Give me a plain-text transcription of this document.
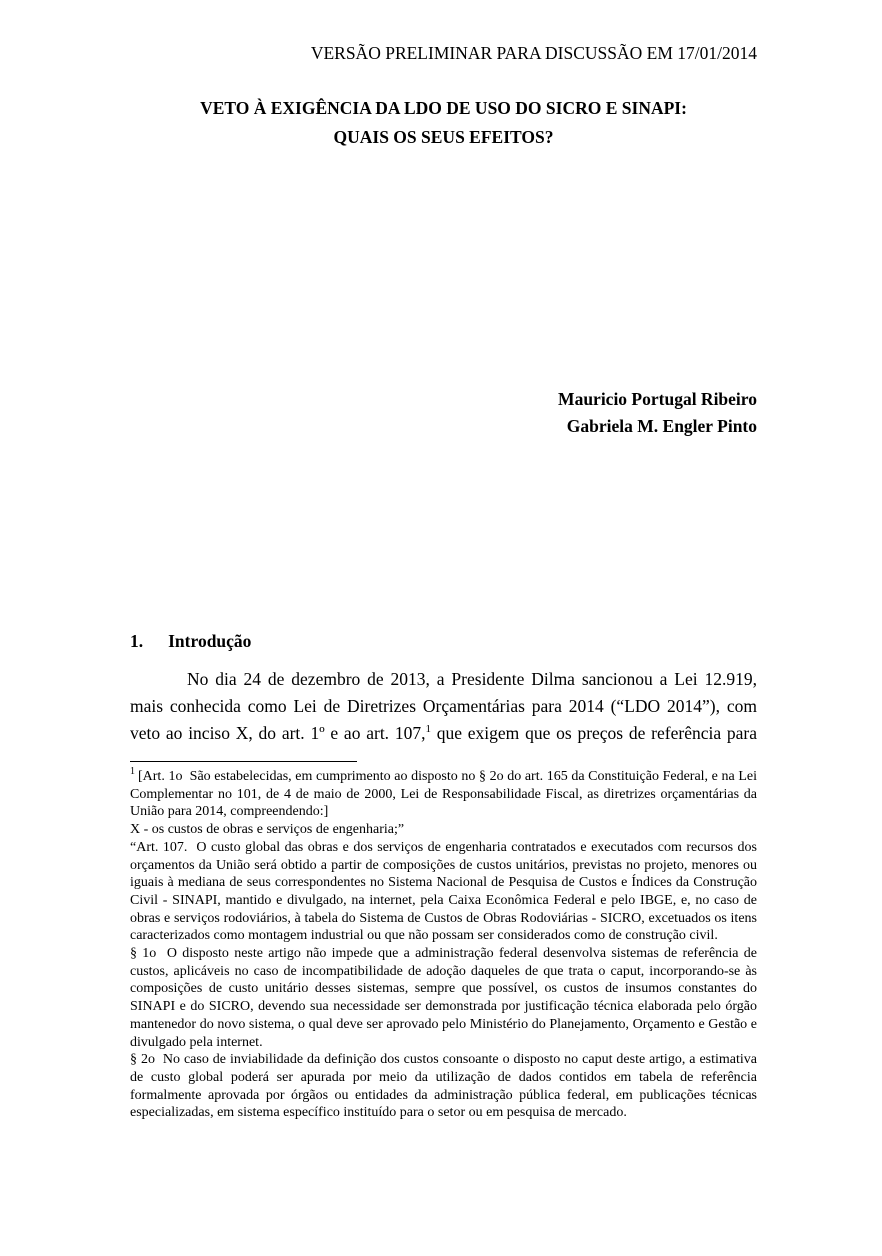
VERSÃO PRELIMINAR PARA DISCUSSÃO EM 17/01/2014
VETO À EXIGÊNCIA DA LDO DE USO DO SICRO E SINAPI:
QUAIS OS SEUS EFEITOS?
Mauricio Portugal Ribeiro
Gabriela M. Engler Pinto
1. Introdução
No dia 24 de dezembro de 2013, a Presidente Dilma sancionou a Lei 12.919, mais conhecida como Lei de Diretrizes Orçamentárias para 2014 (“LDO 2014”), com veto ao inciso X, do art. 1º e ao art. 107,$^1$ que exigem que os preços de referência para
$^1$ [Art. 1o  São estabelecidas, em cumprimento ao disposto no § 2o do art. 165 da Constituição Federal, e na Lei Complementar no 101, de 4 de maio de 2000, Lei de Responsabilidade Fiscal, as diretrizes orçamentárias da União para 2014, compreendendo:]
X - os custos de obras e serviços de engenharia;”
“Art. 107.  O custo global das obras e dos serviços de engenharia contratados e executados com recursos dos orçamentos da União será obtido a partir de composições de custos unitários, previstas no projeto, menores ou iguais à mediana de seus correspondentes no Sistema Nacional de Pesquisa de Custos e Índices da Construção Civil - SINAPI, mantido e divulgado, na internet, pela Caixa Econômica Federal e pelo IBGE, e, no caso de obras e serviços rodoviários, à tabela do Sistema de Custos de Obras Rodoviárias - SICRO, excetuados os itens caracterizados como montagem industrial ou que não possam ser considerados como de construção civil.
§ 1o  O disposto neste artigo não impede que a administração federal desenvolva sistemas de referência de custos, aplicáveis no caso de incompatibilidade de adoção daqueles de que trata o caput, incorporando-se às composições de custo unitário desses sistemas, sempre que possível, os custos de insumos constantes do SINAPI e do SICRO, devendo sua necessidade ser demonstrada por justificação técnica elaborada pelo órgão mantenedor do novo sistema, o qual deve ser aprovado pelo Ministério do Planejamento, Orçamento e Gestão e divulgado pela internet.
§ 2o  No caso de inviabilidade da definição dos custos consoante o disposto no caput deste artigo, a estimativa de custo global poderá ser apurada por meio da utilização de dados contidos em tabela de referência formalmente aprovada por órgãos ou entidades da administração pública federal, em publicações técnicas especializadas, em sistema específico instituído para o setor ou em pesquisa de mercado.
